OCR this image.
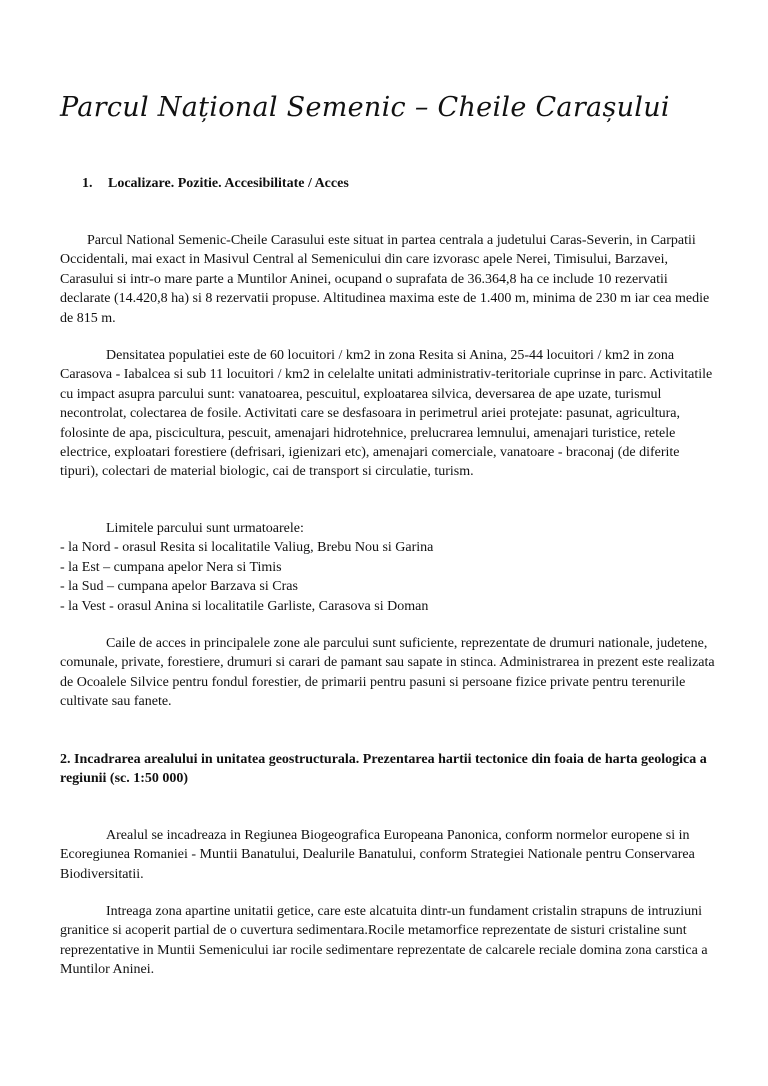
Parcul Național Semenic – Cheile Carașului
1. Localizare. Pozitie. Accesibilitate / Acces

Parcul National Semenic-Cheile Carasului este situat in partea centrala a judetului Caras-Severin, in Carpatii Occidentali, mai exact in Masivul Central al Semenicului din care izvorasc apele Nerei, Timisului, Barzavei, Carasului si intr-o mare parte a Muntilor Aninei, ocupand o suprafata de 36.364,8 ha ce include 10 rezervatii declarate (14.420,8 ha) si 8 rezervatii propuse. Altitudinea maxima este de 1.400 m, minima de 230 m iar cea medie de 815 m.

Densitatea populatiei este de 60 locuitori / km2 in zona Resita si Anina, 25-44 locuitori / km2 in zona Carasova - Iabalcea si sub 11 locuitori / km2 in celelalte unitati administrativ-teritoriale cuprinse in parc. Activitatile cu impact asupra parcului sunt: vanatoarea, pescuitul, exploatarea silvica, deversarea de ape uzate, turismul necontrolat, colectarea de fosile. Activitati care se desfasoara in perimetrul ariei protejate: pasunat, agricultura, folosinte de apa, piscicultura, pescuit, amenajari hidrotehnice, prelucrarea lemnului, amenajari turistice, retele electrice, exploatari forestiere (defrisari, igienizari etc), amenajari comerciale, vanatoare - braconaj (de diferite tipuri), colectari de material biologic, cai de transport si circulatie, turism.

Limitele parcului sunt urmatoarele:

- la Nord - orasul Resita si localitatile Valiug, Brebu Nou si Garina

- la Est – cumpana apelor Nera si Timis

- la Sud – cumpana apelor Barzava si Cras

- la Vest - orasul Anina si localitatile Garliste, Carasova si Doman

Caile de acces in principalele zone ale parcului sunt suficiente, reprezentate de drumuri nationale, judetene, comunale, private, forestiere, drumuri si carari de pamant sau sapate in stinca. Administrarea in prezent este realizata de Ocoalele Silvice pentru fondul forestier, de primarii pentru pasuni si persoane fizice private pentru terenurile cultivate sau fanete.

2. Incadrarea arealului in unitatea geostructurala. Prezentarea hartii tectonice din foaia de harta geologica a regiunii (sc. 1:50 000)

Arealul se incadreaza in Regiunea Biogeografica Europeana Panonica, conform normelor europene si in Ecoregiunea Romaniei - Muntii Banatului, Dealurile Banatului, conform Strategiei Nationale pentru Conservarea Biodiversitatii.

Intreaga zona apartine unitatii getice, care este alcatuita dintr-un fundament cristalin strapuns de intruziuni granitice si acoperit partial de o cuvertura sedimentara.Rocile metamorfice reprezentate de sisturi cristaline sunt reprezentative in Muntii Semenicului iar rocile sedimentare reprezentate de calcarele reciale domina zona carstica a Muntilor Aninei.
